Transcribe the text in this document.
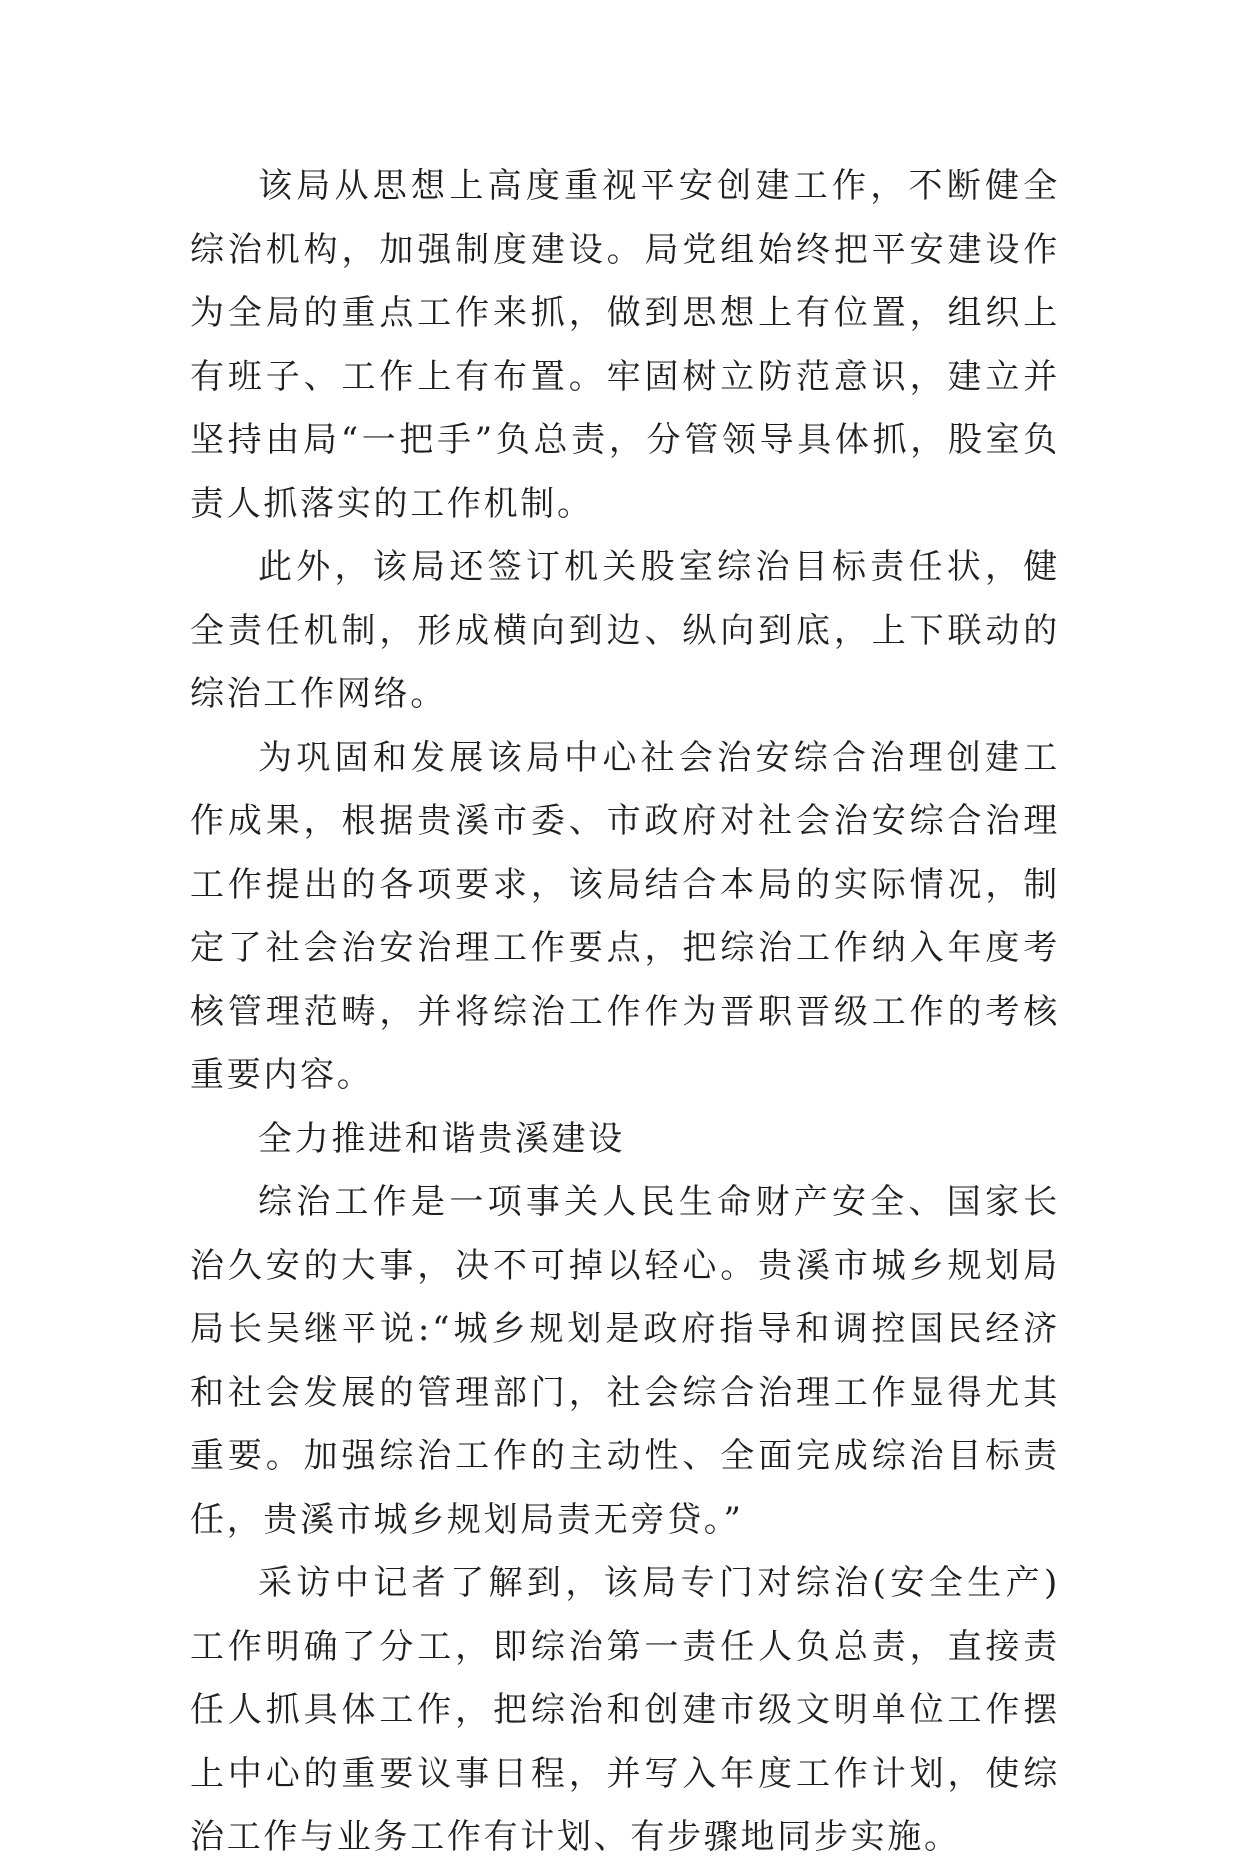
该局从思想上高度重视平安创建工作，不断健全综治机构，加强制度建设。局党组始终把平安建设作为全局的重点工作来抓，做到思想上有位置，组织上有班子、工作上有布置。牢固树立防范意识，建立并坚持由局“一把手”负总责，分管领导具体抓，股室负责人抓落实的工作机制。

此外，该局还签订机关股室综治目标责任状，健全责任机制，形成横向到边、纵向到底，上下联动的综治工作网络。

为巩固和发展该局中心社会治安综合治理创建工作成果，根据贵溪市委、市政府对社会治安综合治理工作提出的各项要求，该局结合本局的实际情况，制定了社会治安治理工作要点，把综治工作纳入年度考核管理范畴，并将综治工作作为晋职晋级工作的考核重要内容。

全力推进和谐贵溪建设

综治工作是一项事关人民生命财产安全、国家长治久安的大事，决不可掉以轻心。贵溪市城乡规划局局长吴继平说:“城乡规划是政府指导和调控国民经济和社会发展的管理部门，社会综合治理工作显得尤其重要。加强综治工作的主动性、全面完成综治目标责任，贵溪市城乡规划局责无旁贷。”

采访中记者了解到，该局专门对综治(安全生产)工作明确了分工，即综治第一责任人负总责，直接责任人抓具体工作，把综治和创建市级文明单位工作摆上中心的重要议事日程，并写入年度工作计划，使综治工作与业务工作有计划、有步骤地同步实施。
